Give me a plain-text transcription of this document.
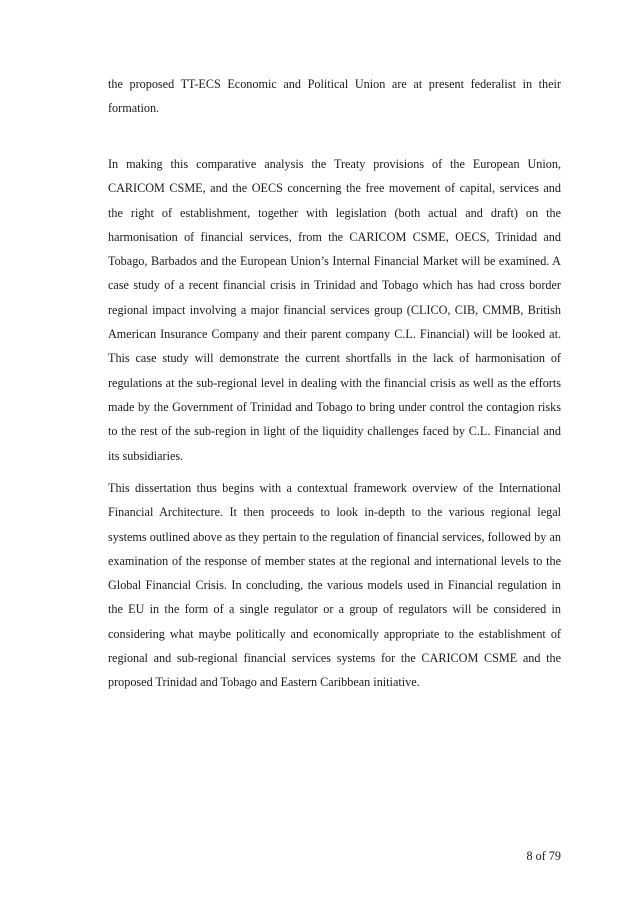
the proposed TT-ECS Economic and Political Union are at present federalist in their formation.

In making this comparative analysis the Treaty provisions of the European Union, CARICOM CSME, and the OECS concerning the free movement of capital, services and the right of establishment, together with legislation (both actual and draft) on the harmonisation of financial services, from the CARICOM CSME, OECS, Trinidad and Tobago, Barbados and the European Union’s Internal Financial Market will be examined. A case study of a recent financial crisis in Trinidad and Tobago which has had cross border regional impact involving a major financial services group (CLICO, CIB, CMMB, British American Insurance Company and their parent company C.L. Financial) will be looked at. This case study will demonstrate the current shortfalls in the lack of harmonisation of regulations at the sub-regional level in dealing with the financial crisis as well as the efforts made by the Government of Trinidad and Tobago to bring under control the contagion risks to the rest of the sub-region in light of the liquidity challenges faced by C.L. Financial and its subsidiaries.

This dissertation thus begins with a contextual framework overview of the International Financial Architecture. It then proceeds to look in-depth to the various regional legal systems outlined above as they pertain to the regulation of financial services, followed by an examination of the response of member states at the regional and international levels to the Global Financial Crisis. In concluding, the various models used in Financial regulation in the EU in the form of a single regulator or a group of regulators will be considered in considering what maybe politically and economically appropriate to the establishment of regional and sub-regional financial services systems for the CARICOM CSME and the proposed Trinidad and Tobago and Eastern Caribbean initiative.

8 of 79
